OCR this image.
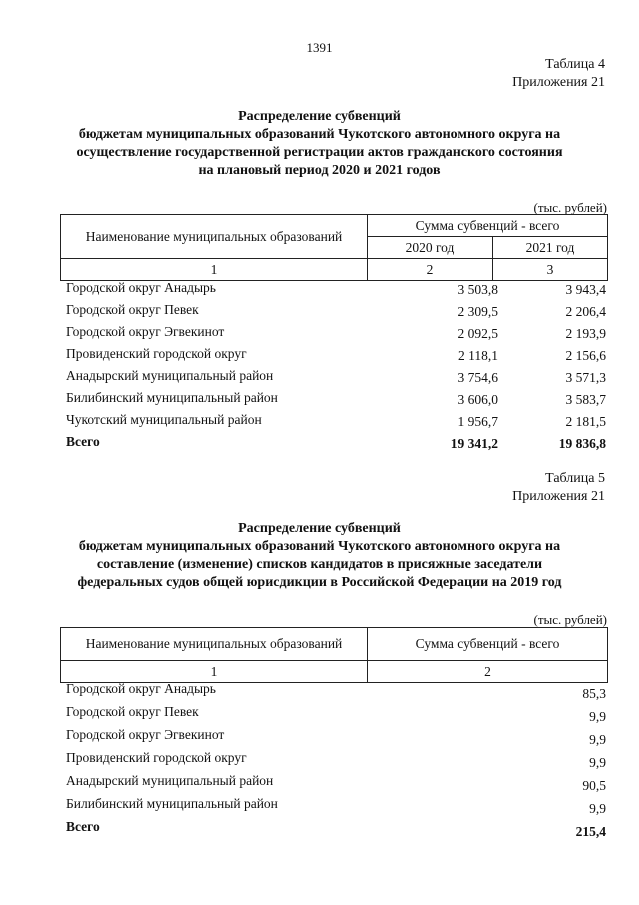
1391
Таблица 4
Приложения 21
Распределение субвенций
бюджетам муниципальных образований Чукотского автономного округа на
осуществление государственной регистрации актов гражданского состояния
на плановый период 2020 и 2021 годов
(тыс. рублей)
Наименование муниципальных образований	Сумма субвенций - всего	
	2020 год	2021 год
1	2	3
Городской округ Анадырь	3 503,8	3 943,4
Городской округ Певек	2 309,5	2 206,4
Городской округ Эгвекинот	2 092,5	2 193,9
Провиденский городской округ	2 118,1	2 156,6
Анадырский муниципальный район	3 754,6	3 571,3
Билибинский муниципальный район	3 606,0	3 583,7
Чукотский муниципальный район	1 956,7	2 181,5
Всего	19 341,2	19 836,8
Таблица 5
Приложения 21
Распределение субвенций
бюджетам муниципальных образований Чукотского автономного округа на
составление (изменение) списков кандидатов в присяжные заседатели
федеральных судов общей юрисдикции в Российской Федерации на 2019 год
(тыс. рублей)
Наименование муниципальных образований	Сумма субвенций - всего
1	2
Городской округ Анадырь	85,3
Городской округ Певек	9,9
Городской округ Эгвекинот	9,9
Провиденский городской округ	9,9
Анадырский муниципальный район	90,5
Билибинский муниципальный район	9,9
Всего	215,4
